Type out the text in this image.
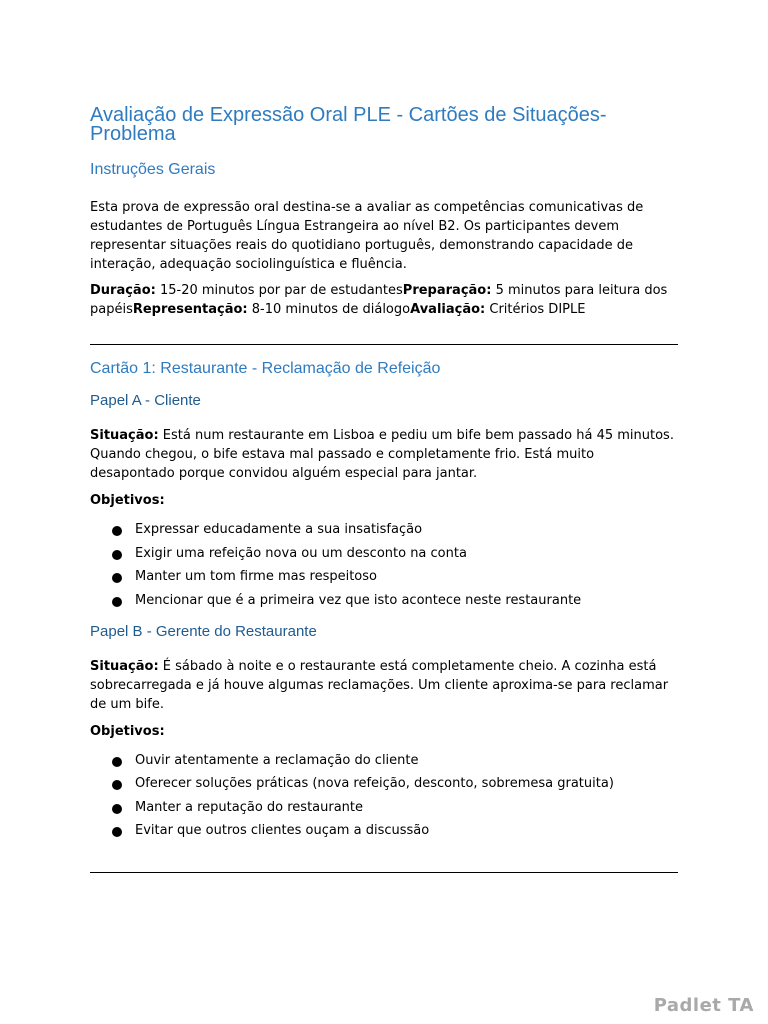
Avaliação de Expressão Oral PLE - Cartões de Situações-
Problema
Instruções Gerais

Esta prova de expressão oral destina-se a avaliar as competências comunicativas de estudantes de Português Língua Estrangeira ao nível B2. Os participantes devem representar situações reais do quotidiano português, demonstrando capacidade de interação, adequação sociolinguística e fluência.

Duração: 15-20 minutos por par de estudantesPreparação: 5 minutos para leitura dos papéisRepresentação: 8-10 minutos de diálogoAvaliação: Critérios DIPLE

Cartão 1: Restaurante - Reclamação de Refeição
Papel A - Cliente

Situação: Está num restaurante em Lisboa e pediu um bife bem passado há 45 minutos. Quando chegou, o bife estava mal passado e completamente frio. Está muito desapontado porque convidou alguém especial para jantar.

Objetivos:

Expressar educadamente a sua insatisfação
Exigir uma refeição nova ou um desconto na conta
Manter um tom firme mas respeitoso
Mencionar que é a primeira vez que isto acontece neste restaurante
Papel B - Gerente do Restaurante

Situação: É sábado à noite e o restaurante está completamente cheio. A cozinha está sobrecarregada e já houve algumas reclamações. Um cliente aproxima-se para reclamar de um bife.

Objetivos:

Ouvir atentamente a reclamação do cliente
Oferecer soluções práticas (nova refeição, desconto, sobremesa gratuita)
Manter a reputação do restaurante
Evitar que outros clientes ouçam a discussão
Padlet TA
